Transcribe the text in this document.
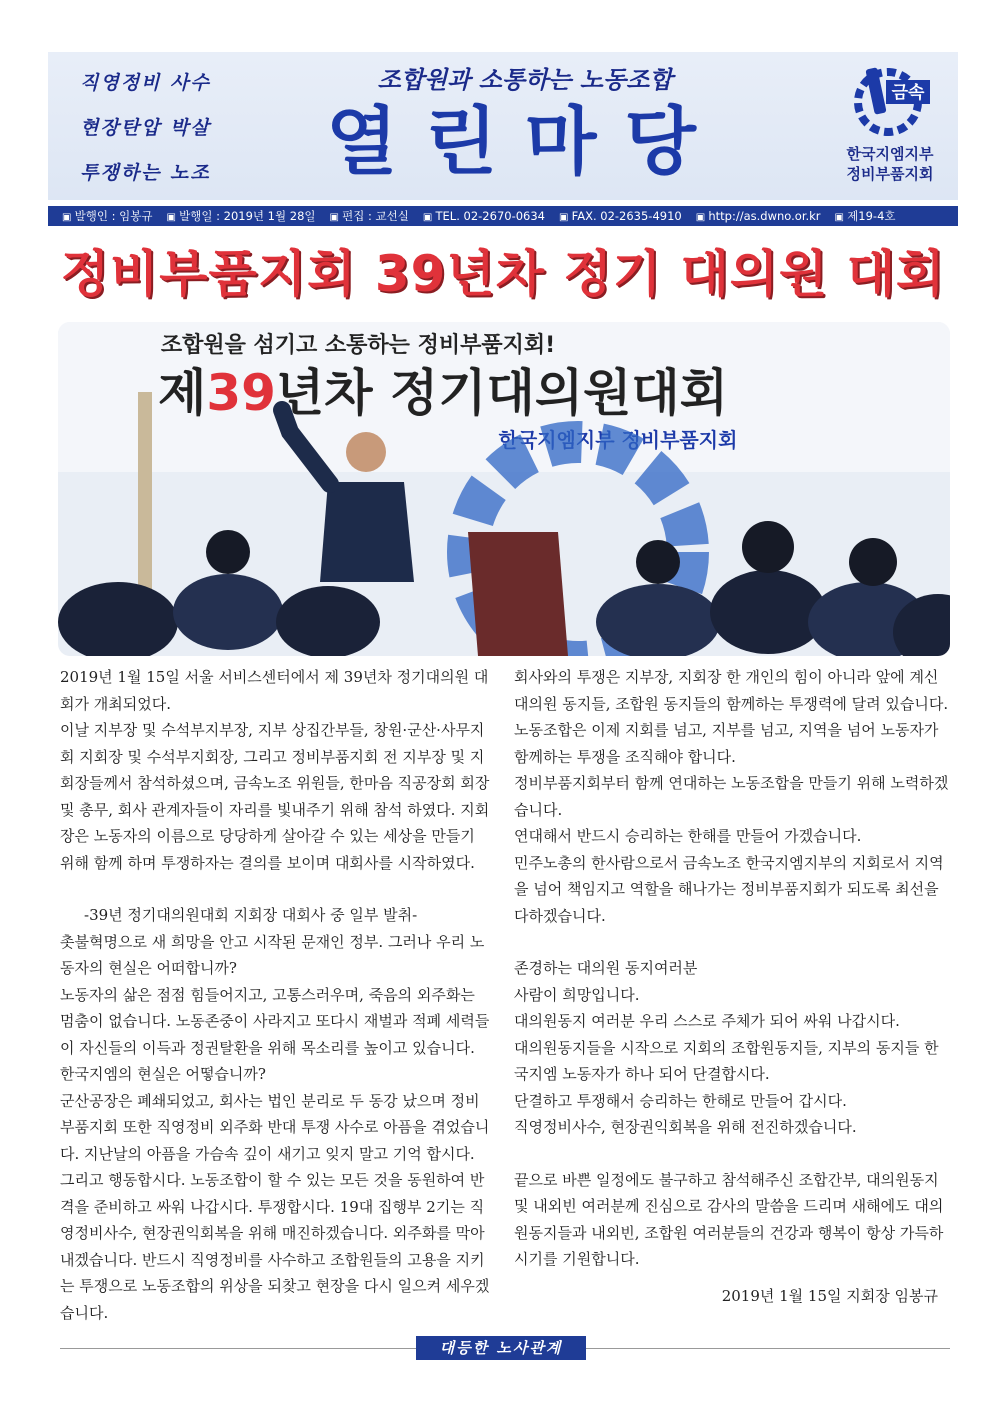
직영정비 사수
현장탄압 박살
투쟁하는 노조
조합원과 소통하는 노동조합
열린마당
금속
한국지엠지부
정비부품지회
▣ 발행인 : 임봉규	▣ 발행일 : 2019년 1월 28일	▣ 편집 : 교선실	▣ TEL. 02-2670-0634	▣ FAX. 02-2635-4910	▣ http://as.dwno.or.kr	▣ 제19-4호
정비부품지회 39년차 정기 대의원 대회
조합원을 섬기고 소통하는 정비부품지회!
제39년차 정기대의원대회
한국지엠지부 정비부품지회

2019년 1월 15일 서울 서비스센터에서 제 39년차 정기대의원 대회가 개최되었다.

이날 지부장 및 수석부지부장, 지부 상집간부들, 창원·군산·사무지회 지회장 및 수석부지회장, 그리고 정비부품지회 전 지부장 및 지회장들께서 참석하셨으며, 금속노조 위원들, 한마음 직공장회 회장 및 총무, 회사 관계자들이 자리를 빛내주기 위해 참석 하였다. 지회장은 노동자의 이름으로 당당하게 살아갈 수 있는 세상을 만들기 위해 함께 하며 투쟁하자는 결의를 보이며 대회사를 시작하였다.

-39년 정기대의원대회 지회장 대회사 중 일부 발취-

촛불혁명으로 새 희망을 안고 시작된 문재인 정부. 그러나 우리 노동자의 현실은 어떠합니까?

노동자의 삶은 점점 힘들어지고, 고통스러우며, 죽음의 외주화는 멈춤이 없습니다. 노동존중이 사라지고 또다시 재벌과 적폐 세력들이 자신들의 이득과 정권탈환을 위해 목소리를 높이고 있습니다.

한국지엠의 현실은 어떻습니까?

군산공장은 폐쇄되었고, 회사는 법인 분리로 두 동강 났으며 정비부품지회 또한 직영정비 외주화 반대 투쟁 사수로 아픔을 겪었습니다. 지난날의 아픔을 가슴속 깊이 새기고 잊지 말고 기억 합시다. 그리고 행동합시다. 노동조합이 할 수 있는 모든 것을 동원하여 반격을 준비하고 싸워 나갑시다. 투쟁합시다. 19대 집행부 2기는 직영정비사수, 현장권익회복을 위해 매진하겠습니다. 외주화를 막아내겠습니다. 반드시 직영정비를 사수하고 조합원들의 고용을 지키는 투쟁으로 노동조합의 위상을 되찾고 현장을 다시 일으켜 세우겠습니다.

회사와의 투쟁은 지부장, 지회장 한 개인의 힘이 아니라 앞에 계신 대의원 동지들, 조합원 동지들의 함께하는 투쟁력에 달려 있습니다.

노동조합은 이제 지회를 넘고, 지부를 넘고, 지역을 넘어 노동자가 함께하는 투쟁을 조직해야 합니다.

정비부품지회부터 함께 연대하는 노동조합을 만들기 위해 노력하겠습니다.

연대해서 반드시 승리하는 한해를 만들어 가겠습니다.

민주노총의 한사람으로서 금속노조 한국지엠지부의 지회로서 지역을 넘어 책임지고 역할을 해나가는 정비부품지회가 되도록 최선을 다하겠습니다.

존경하는 대의원 동지여러분

사람이 희망입니다.

대의원동지 여러분 우리 스스로 주체가 되어 싸워 나갑시다.

대의원동지들을 시작으로 지회의 조합원동지들, 지부의 동지들 한국지엠 노동자가 하나 되어 단결합시다.

단결하고 투쟁해서 승리하는 한해로 만들어 갑시다.

직영정비사수, 현장권익회복을 위해 전진하겠습니다.

끝으로 바쁜 일정에도 불구하고 참석해주신 조합간부, 대의원동지 및 내외빈 여러분께 진심으로 감사의 말씀을 드리며 새해에도 대의원동지들과 내외빈, 조합원 여러분들의 건강과 행복이 항상 가득하시기를 기원합니다.

2019년 1월 15일 지회장 임봉규

대등한 노사관계
